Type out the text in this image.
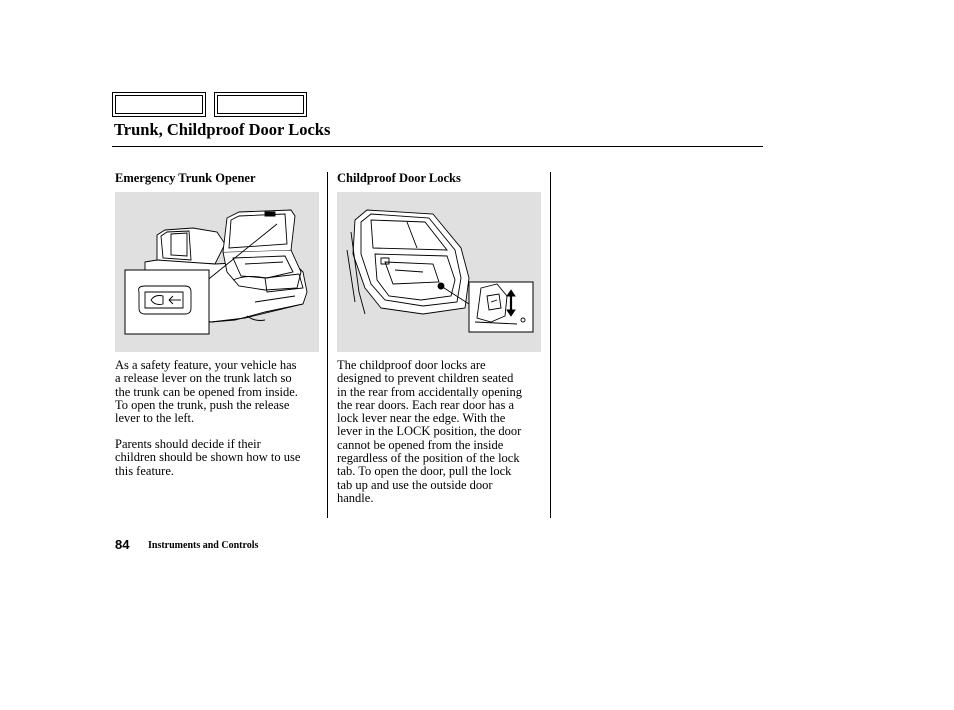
Trunk, Childproof Door Locks
Emergency Trunk Opener	Childproof Door Locks
As a safety feature, your vehicle has
a release lever on the trunk latch so
the trunk can be opened from inside.
To open the trunk, push the release
lever to the left.
Parents should decide if their
children should be shown how to use
this feature.
The childproof door locks are
designed to prevent children seated
in the rear from accidentally opening
the rear doors. Each rear door has a
lock lever near the edge. With the
lever in the LOCK position, the door
cannot be opened from the inside
regardless of the position of the lock
tab. To open the door, pull the lock
tab up and use the outside door
handle.
84 Instruments and Controls
